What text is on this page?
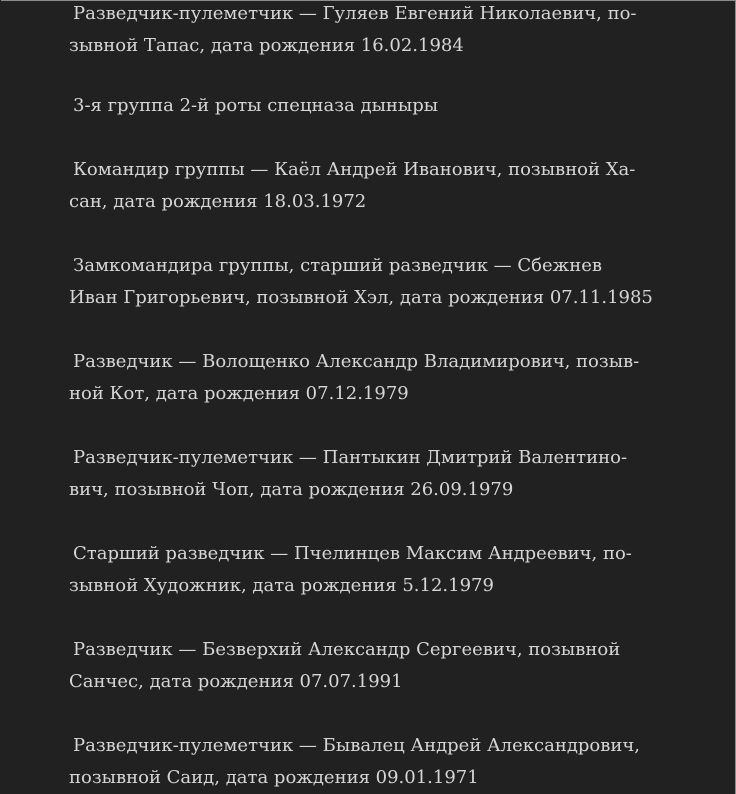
Разведчик-пулеметчик — Гуляев Евгений Николаевич, по-
зывной Тапас, дата рождения 16.02.1984

3-я группа 2-й роты спецназа дыныры

Командир группы — Каёл Андрей Иванович, позывной Ха-
сан, дата рождения 18.03.1972

Замкомандира группы, старший разведчик — Сбежнев
Иван Григорьевич, позывной Хэл, дата рождения 07.11.1985

Разведчик — Волощенко Александр Владимирович, позыв-
ной Кот, дата рождения 07.12.1979

Разведчик-пулеметчик — Пантыкин Дмитрий Валентино-
вич, позывной Чоп, дата рождения 26.09.1979

Старший разведчик — Пчелинцев Максим Андреевич, по-
зывной Художник, дата рождения 5.12.1979

Разведчик — Безверхий Александр Сергеевич, позывной
Санчес, дата рождения 07.07.1991

Разведчик-пулеметчик — Бывалец Андрей Александрович,
позывной Саид, дата рождения 09.01.1971
